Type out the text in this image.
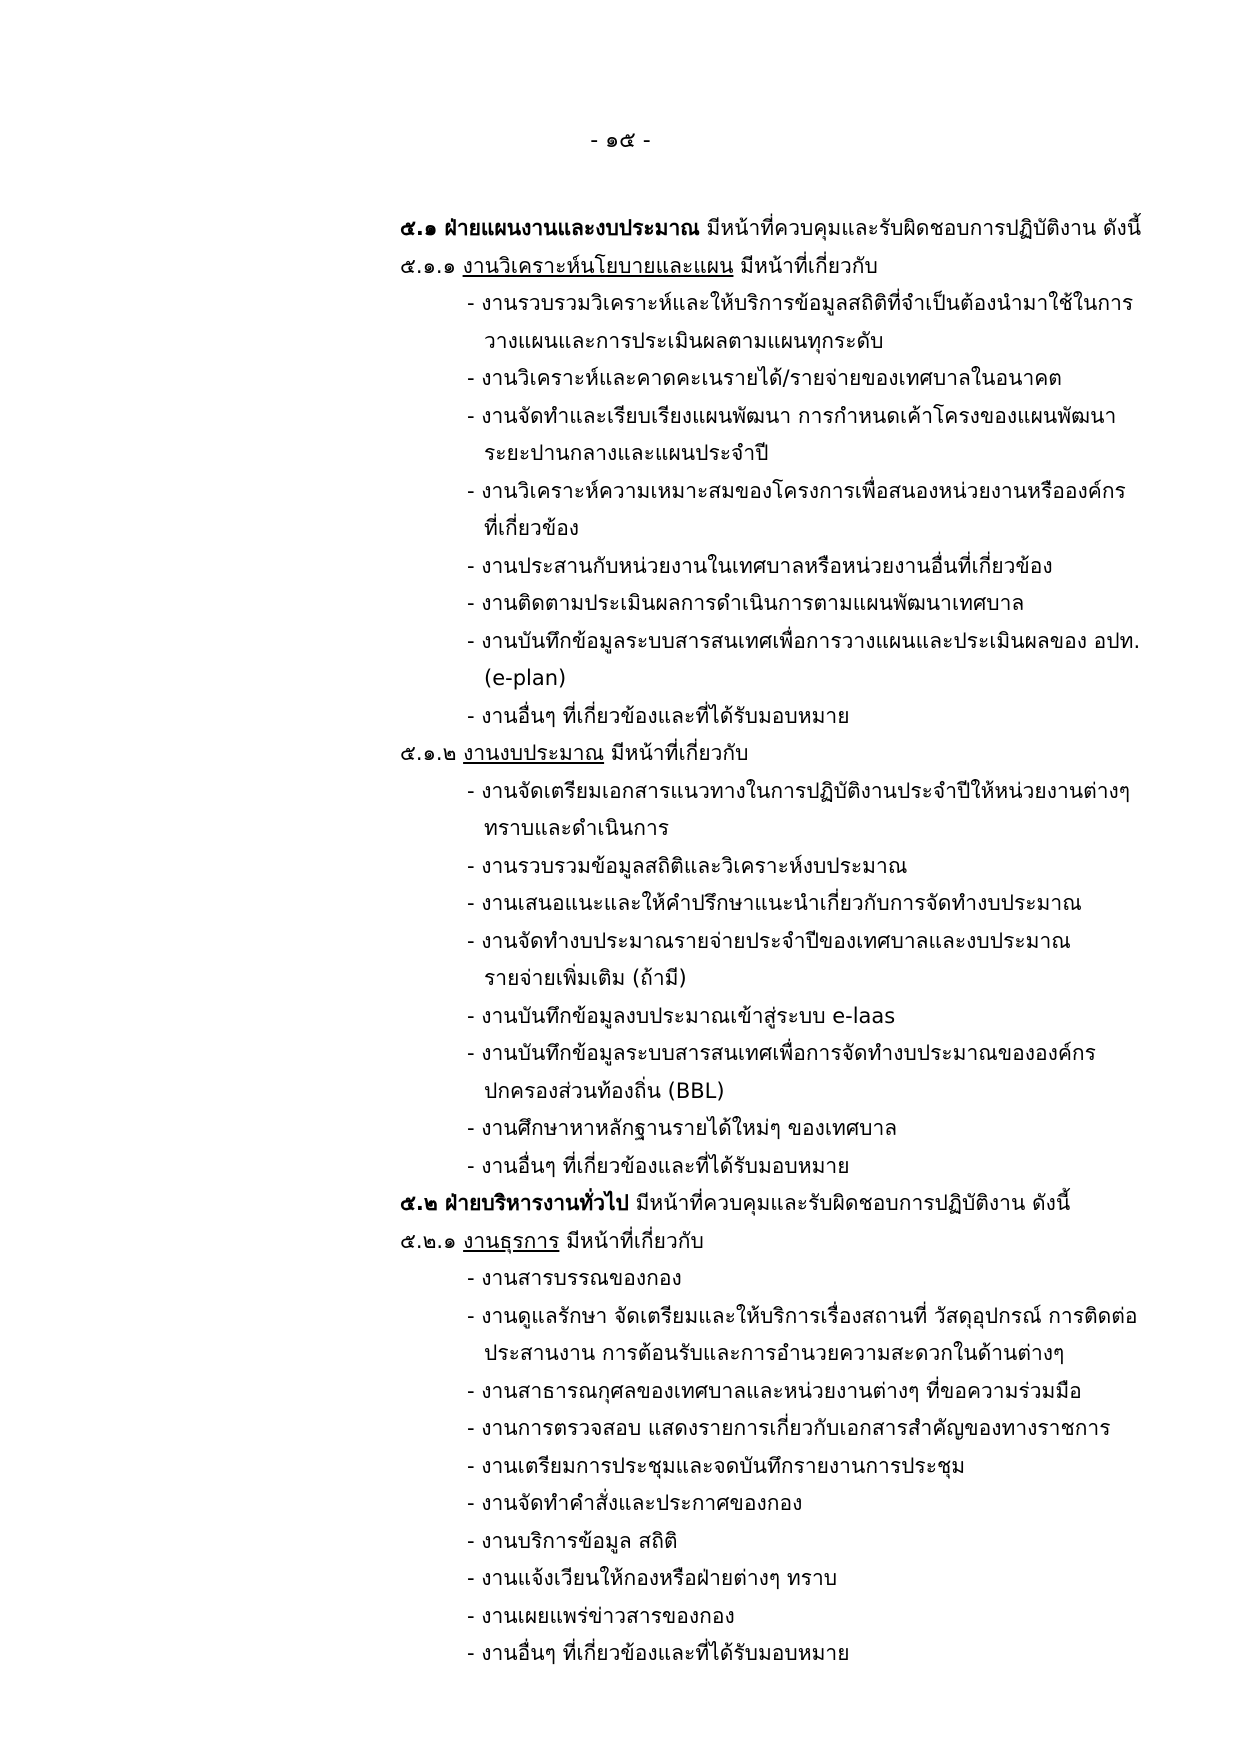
- ๑๕ -
๕.๑ ฝ่ายแผนงานและงบประมาณ มีหน้าที่ควบคุมและรับผิดชอบการปฏิบัติงาน ดังนี้
๕.๑.๑ งานวิเคราะห์นโยบายและแผน มีหน้าที่เกี่ยวกับ
- งานรวบรวมวิเคราะห์และให้บริการข้อมูลสถิติที่จำเป็นต้องนำมาใช้ในการ
วางแผนและการประเมินผลตามแผนทุกระดับ
- งานวิเคราะห์และคาดคะเนรายได้/รายจ่ายของเทศบาลในอนาคต
- งานจัดทำและเรียบเรียงแผนพัฒนา การกำหนดเค้าโครงของแผนพัฒนา
ระยะปานกลางและแผนประจำปี
- งานวิเคราะห์ความเหมาะสมของโครงการเพื่อสนองหน่วยงานหรือองค์กร
ที่เกี่ยวข้อง
- งานประสานกับหน่วยงานในเทศบาลหรือหน่วยงานอื่นที่เกี่ยวข้อง
- งานติดตามประเมินผลการดำเนินการตามแผนพัฒนาเทศบาล
- งานบันทึกข้อมูลระบบสารสนเทศเพื่อการวางแผนและประเมินผลของ อปท.
(e-plan)
- งานอื่นๆ ที่เกี่ยวข้องและที่ได้รับมอบหมาย
๕.๑.๒ งานงบประมาณ มีหน้าที่เกี่ยวกับ
- งานจัดเตรียมเอกสารแนวทางในการปฏิบัติงานประจำปีให้หน่วยงานต่างๆ
ทราบและดำเนินการ
- งานรวบรวมข้อมูลสถิติและวิเคราะห์งบประมาณ
- งานเสนอแนะและให้คำปรึกษาแนะนำเกี่ยวกับการจัดทำงบประมาณ
- งานจัดทำงบประมาณรายจ่ายประจำปีของเทศบาลและงบประมาณ
รายจ่ายเพิ่มเติม (ถ้ามี)
- งานบันทึกข้อมูลงบประมาณเข้าสู่ระบบ e-laas
- งานบันทึกข้อมูลระบบสารสนเทศเพื่อการจัดทำงบประมาณขององค์กร
ปกครองส่วนท้องถิ่น (BBL)
- งานศึกษาหาหลักฐานรายได้ใหม่ๆ ของเทศบาล
- งานอื่นๆ ที่เกี่ยวข้องและที่ได้รับมอบหมาย
๕.๒ ฝ่ายบริหารงานทั่วไป มีหน้าที่ควบคุมและรับผิดชอบการปฏิบัติงาน ดังนี้
๕.๒.๑ งานธุรการ มีหน้าที่เกี่ยวกับ
- งานสารบรรณของกอง
- งานดูแลรักษา จัดเตรียมและให้บริการเรื่องสถานที่ วัสดุอุปกรณ์ การติดต่อ
ประสานงาน การต้อนรับและการอำนวยความสะดวกในด้านต่างๆ
- งานสาธารณกุศลของเทศบาลและหน่วยงานต่างๆ ที่ขอความร่วมมือ
- งานการตรวจสอบ แสดงรายการเกี่ยวกับเอกสารสำคัญของทางราชการ
- งานเตรียมการประชุมและจดบันทึกรายงานการประชุม
- งานจัดทำคำสั่งและประกาศของกอง
- งานบริการข้อมูล สถิติ
- งานแจ้งเวียนให้กองหรือฝ่ายต่างๆ ทราบ
- งานเผยแพร่ข่าวสารของกอง
- งานอื่นๆ ที่เกี่ยวข้องและที่ได้รับมอบหมาย
